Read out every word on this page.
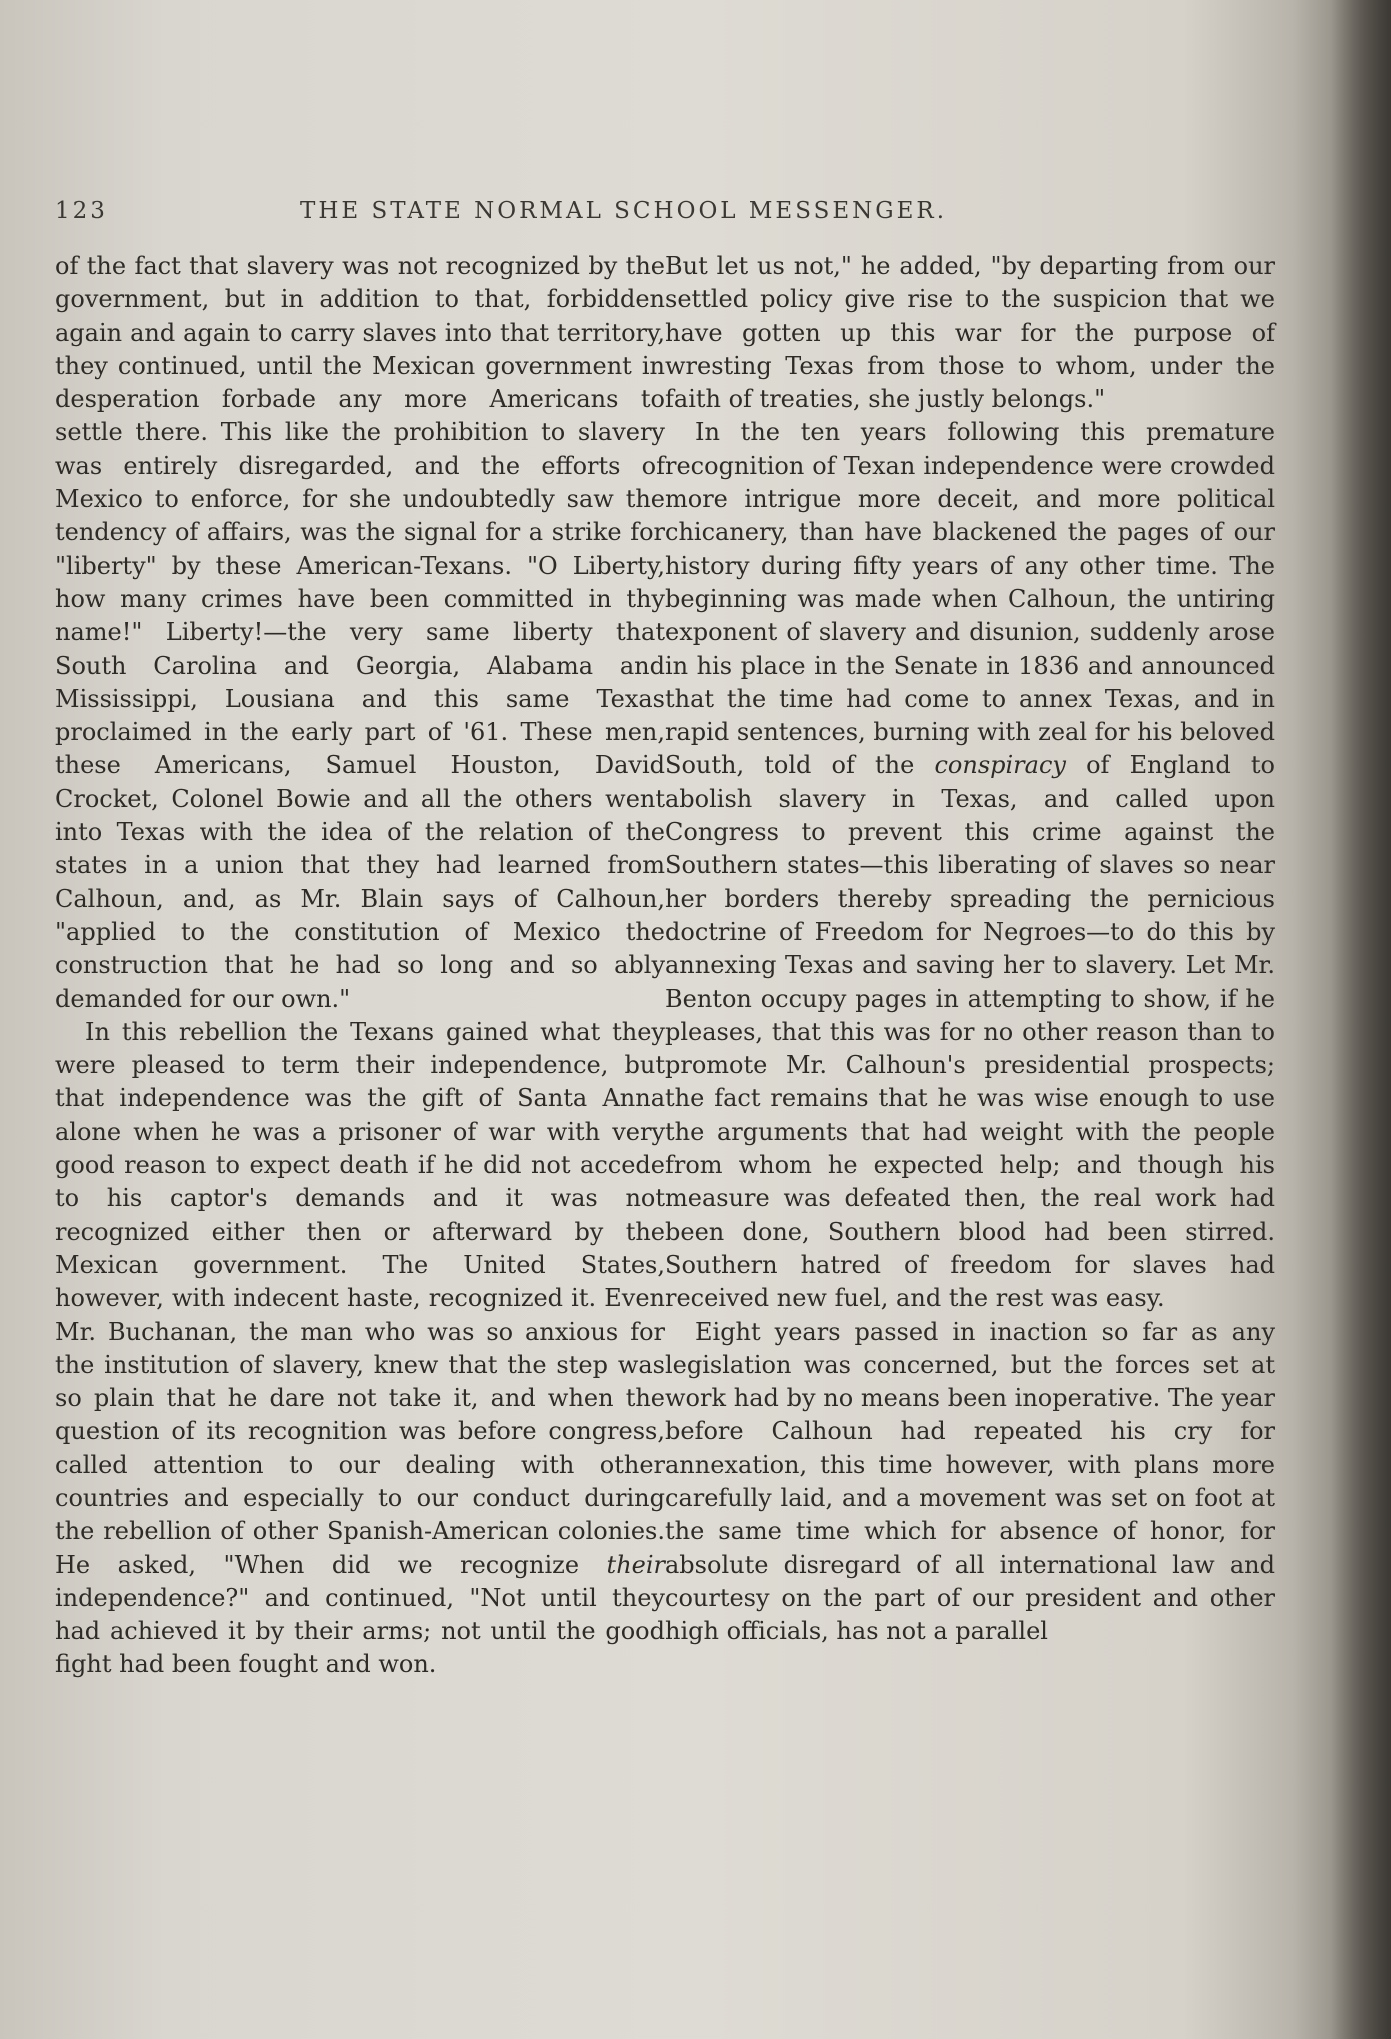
123	THE STATE NORMAL SCHOOL MESSENGER.

of the fact that slavery was not recognized by the government, but in addition to that, forbidden again and again to carry slaves into that territory, they continued, until the Mexican government in desperation forbade any more Americans to settle there. This like the prohibition to slavery was entirely disregarded, and the efforts of Mexico to enforce, for she undoubtedly saw the tendency of affairs, was the signal for a strike for "liberty" by these American-Texans. "O Liberty, how many crimes have been committed in thy name!" Liberty!—the very same liberty that South Carolina and Georgia, Alabama and Mississippi, Lousiana and this same Texas proclaimed in the early part of '61. These men, these Americans, Samuel Houston, David Crocket, Colonel Bowie and all the others went into Texas with the idea of the relation of the states in a union that they had learned from Calhoun, and, as Mr. Blain says of Calhoun, "applied to the constitution of Mexico the construction that he had so long and so ably demanded for our own."

In this rebellion the Texans gained what they were pleased to term their independence, but that independence was the gift of Santa Anna alone when he was a prisoner of war with very good reason to expect death if he did not accede to his captor's demands and it was not recognized either then or afterward by the Mexican government. The United States, however, with indecent haste, recognized it. Even Mr. Buchanan, the man who was so anxious for the institution of slavery, knew that the step was so plain that he dare not take it, and when the question of its recognition was before congress, called attention to our dealing with other countries and especially to our conduct during the rebellion of other Spanish-American colonies. He asked, "When did we recognize their independence?" and continued, "Not until they had achieved it by their arms; not until the good fight had been fought and won.

But let us not," he added, "by departing from our settled policy give rise to the suspicion that we have gotten up this war for the purpose of wresting Texas from those to whom, under the faith of treaties, she justly belongs."

In the ten years following this premature recognition of Texan independence were crowded more intrigue more deceit, and more political chicanery, than have blackened the pages of our history during fifty years of any other time. The beginning was made when Calhoun, the untiring exponent of slavery and disunion, suddenly arose in his place in the Senate in 1836 and announced that the time had come to annex Texas, and in rapid sentences, burning with zeal for his beloved South, told of the conspiracy of England to abolish slavery in Texas, and called upon Congress to prevent this crime against the Southern states—this liberating of slaves so near her borders thereby spreading the pernicious doctrine of Freedom for Negroes—to do this by annexing Texas and saving her to slavery. Let Mr. Benton occupy pages in attempting to show, if he pleases, that this was for no other reason than to promote Mr. Calhoun's presidential prospects; the fact remains that he was wise enough to use the arguments that had weight with the people from whom he expected help; and though his measure was defeated then, the real work had been done, Southern blood had been stirred. Southern hatred of freedom for slaves had received new fuel, and the rest was easy.

Eight years passed in inaction so far as any legislation was concerned, but the forces set at work had by no means been inoperative. The year before Calhoun had repeated his cry for annexation, this time however, with plans more carefully laid, and a movement was set on foot at the same time which for absence of honor, for absolute disregard of all international law and courtesy on the part of our president and other high officials, has not a parallel
